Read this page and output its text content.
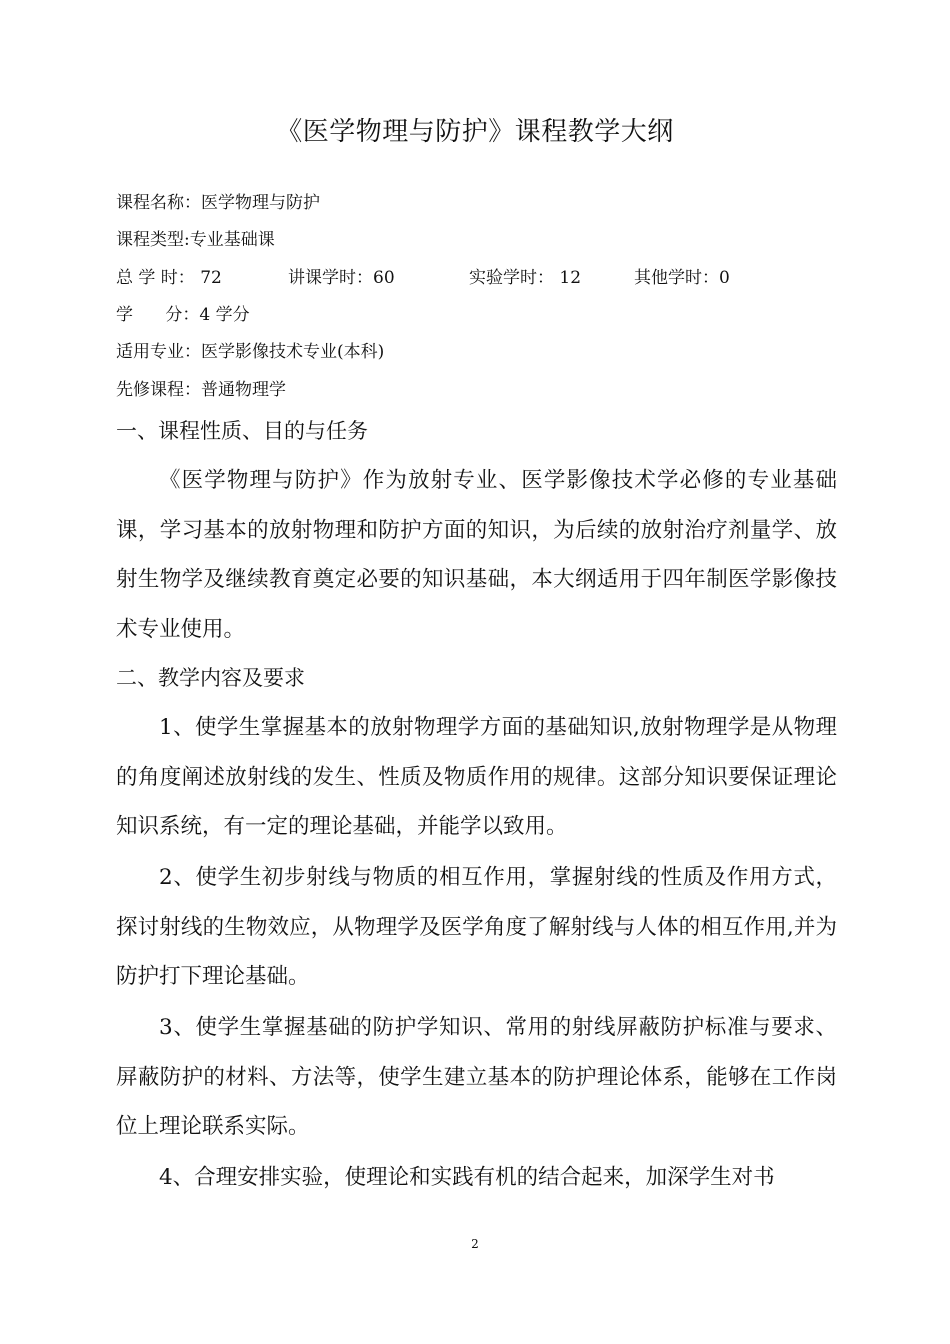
《医学物理与防护》课程教学大纲
课程名称：医学物理与防护
课程类型:专业基础课
总 学 时： 72	讲课学时：60	实验学时： 12	其他学时：0
学      分：4 学分
适用专业：医学影像技术专业(本科)
先修课程：普通物理学
一、课程性质、目的与任务

《医学物理与防护》作为放射专业、医学影像技术学必修的专业基础课，学习基本的放射物理和防护方面的知识，为后续的放射治疗剂量学、放射生物学及继续教育奠定必要的知识基础，本大纲适用于四年制医学影像技术专业使用。

二、教学内容及要求

1、使学生掌握基本的放射物理学方面的基础知识,放射物理学是从物理的角度阐述放射线的发生、性质及物质作用的规律。这部分知识要保证理论知识系统，有一定的理论基础，并能学以致用。

2、使学生初步射线与物质的相互作用，掌握射线的性质及作用方式，探讨射线的生物效应，从物理学及医学角度了解射线与人体的相互作用,并为防护打下理论基础。

3、使学生掌握基础的防护学知识、常用的射线屏蔽防护标准与要求、屏蔽防护的材料、方法等，使学生建立基本的防护理论体系，能够在工作岗位上理论联系实际。

4、合理安排实验，使理论和实践有机的结合起来，加深学生对书

2
